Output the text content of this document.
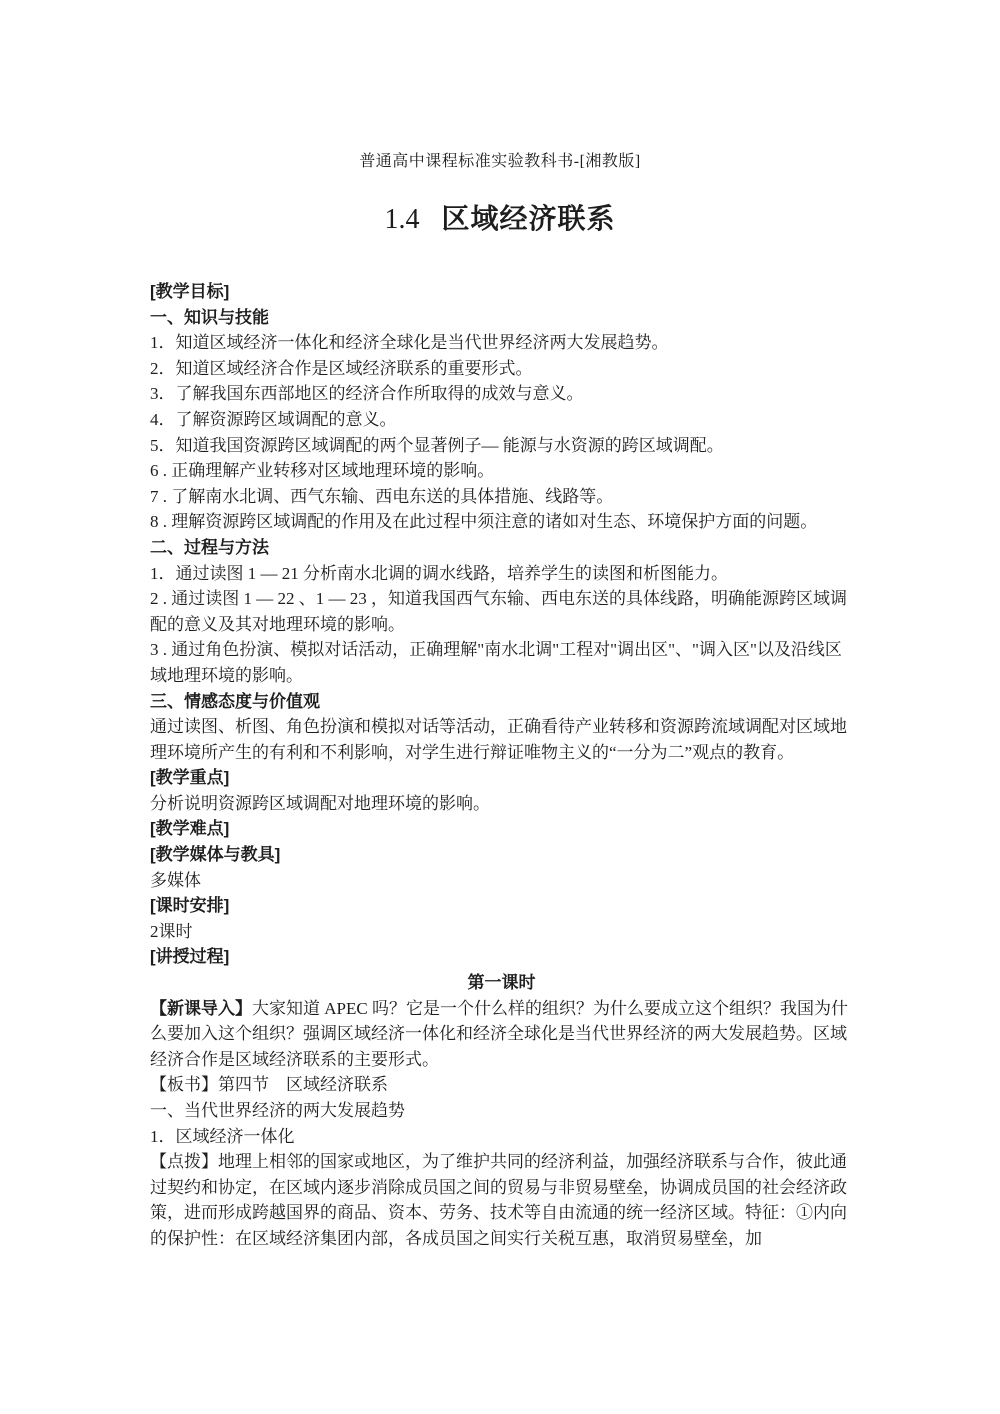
普通高中课程标准实验教科书-[湘教版]
1.4 区域经济联系
[教学目标]
一、知识与技能
1．知道区域经济一体化和经济全球化是当代世界经济两大发展趋势。
2．知道区域经济合作是区域经济联系的重要形式。
3．了解我国东西部地区的经济合作所取得的成效与意义。
4．了解资源跨区域调配的意义。
5．知道我国资源跨区域调配的两个显著例子— 能源与水资源的跨区域调配。
6 . 正确理解产业转移对区域地理环境的影响。
7 . 了解南水北调、西气东输、西电东送的具体措施、线路等。
8 . 理解资源跨区域调配的作用及在此过程中须注意的诸如对生态、环境保护方面的问题。
二、过程与方法
1．通过读图 1 — 21 分析南水北调的调水线路，培养学生的读图和析图能力。
2 . 通过读图 1 — 22 、1 — 23 ，知道我国西气东输、西电东送的具体线路，明确能源跨区域调配的意义及其对地理环境的影响。
3 . 通过角色扮演、模拟对话活动，正确理解"南水北调"工程对"调出区"、"调入区"以及沿线区域地理环境的影响。
三、情感态度与价值观
通过读图、析图、角色扮演和模拟对话等活动，正确看待产业转移和资源跨流域调配对区域地理环境所产生的有利和不利影响，对学生进行辩证唯物主义的“一分为二”观点的教育。
[教学重点]
分析说明资源跨区域调配对地理环境的影响。
[教学难点]
[教学媒体与教具]
多媒体
[课时安排]
2课时
[讲授过程]
第一课时
【新课导入】大家知道 APEC 吗？它是一个什么样的组织？为什么要成立这个组织？我国为什么要加入这个组织？强调区域经济一体化和经济全球化是当代世界经济的两大发展趋势。区域经济合作是区域经济联系的主要形式。
【板书】第四节　区域经济联系
一、当代世界经济的两大发展趋势
1．区域经济一体化
【点拨】地理上相邻的国家或地区，为了维护共同的经济利益，加强经济联系与合作，彼此通过契约和协定，在区域内逐步消除成员国之间的贸易与非贸易壁垒，协调成员国的社会经济政策，进而形成跨越国界的商品、资本、劳务、技术等自由流通的统一经济区域。特征：①内向的保护性：在区域经济集团内部，各成员国之间实行关税互惠，取消贸易壁垒，加
